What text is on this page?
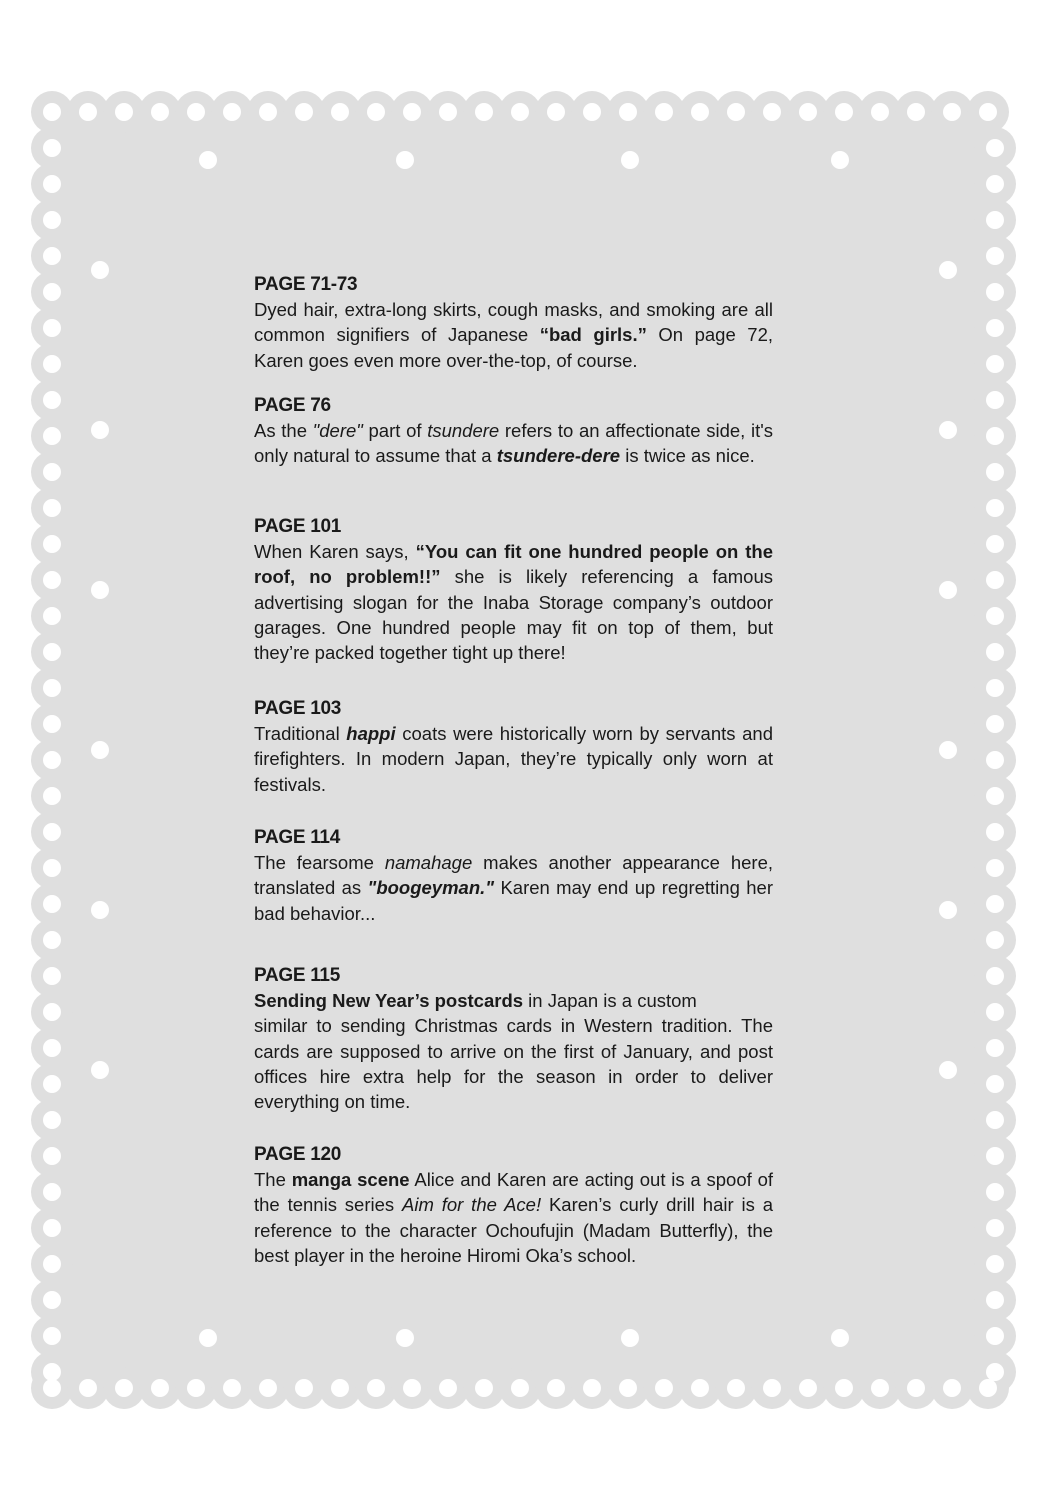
PAGE 71-73

Dyed hair, extra-long skirts, cough masks, and smoking are all common signifiers of Japanese “bad girls.” On page 72, Karen goes even more over-the-top, of course.

PAGE 76

As the "dere" part of tsundere refers to an affectionate side, it's only natural to assume that a tsundere-dere is twice as nice.

PAGE 101

When Karen says, “You can fit one hundred people on the roof, no problem!!” she is likely referencing a famous advertising slogan for the Inaba Storage company’s outdoor garages. One hundred people may fit on top of them, but they’re packed together tight up there!

PAGE 103

Traditional happi coats were historically worn by servants and firefighters. In modern Japan, they’re typically only worn at festivals.

PAGE 114

The fearsome namahage makes another appearance here, translated as "boogeyman." Karen may end up regretting her bad behavior...

PAGE 115

Sending New Year’s postcards in Japan is a custom
similar to sending Christmas cards in Western tradition. The cards are supposed to arrive on the first of January, and post offices hire extra help for the season in order to deliver everything on time.

PAGE 120

The manga scene Alice and Karen are acting out is a spoof of the tennis series Aim for the Ace! Karen’s curly drill hair is a reference to the character Ochoufujin (Madam Butterfly), the best player in the heroine Hiromi Oka’s school.
